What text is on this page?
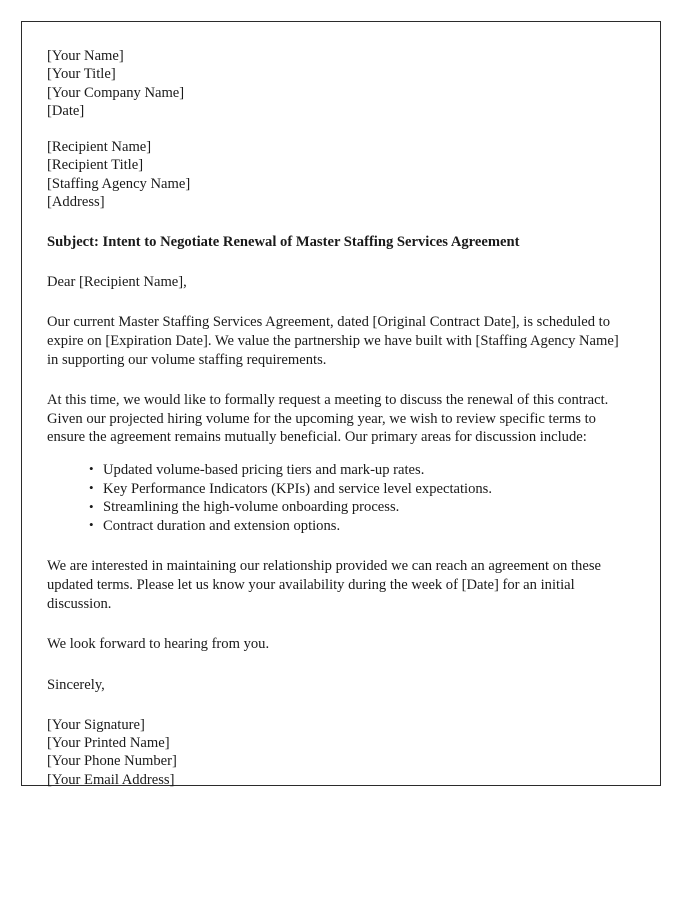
[Your Name]
[Your Title]
[Your Company Name]
[Date]
[Recipient Name]
[Recipient Title]
[Staffing Agency Name]
[Address]

Subject: Intent to Negotiate Renewal of Master Staffing Services Agreement

Dear [Recipient Name],

Our current Master Staffing Services Agreement, dated [Original Contract Date], is scheduled to expire on [Expiration Date]. We value the partnership we have built with [Staffing Agency Name] in supporting our volume staffing requirements.

At this time, we would like to formally request a meeting to discuss the renewal of this contract. Given our projected hiring volume for the upcoming year, we wish to review specific terms to ensure the agreement remains mutually beneficial. Our primary areas for discussion include:

• Updated volume-based pricing tiers and mark-up rates.
• Key Performance Indicators (KPIs) and service level expectations.
• Streamlining the high-volume onboarding process.
• Contract duration and extension options.

We are interested in maintaining our relationship provided we can reach an agreement on these updated terms. Please let us know your availability during the week of [Date] for an initial discussion.

We look forward to hearing from you.

Sincerely,

[Your Signature]
[Your Printed Name]
[Your Phone Number]
[Your Email Address]
